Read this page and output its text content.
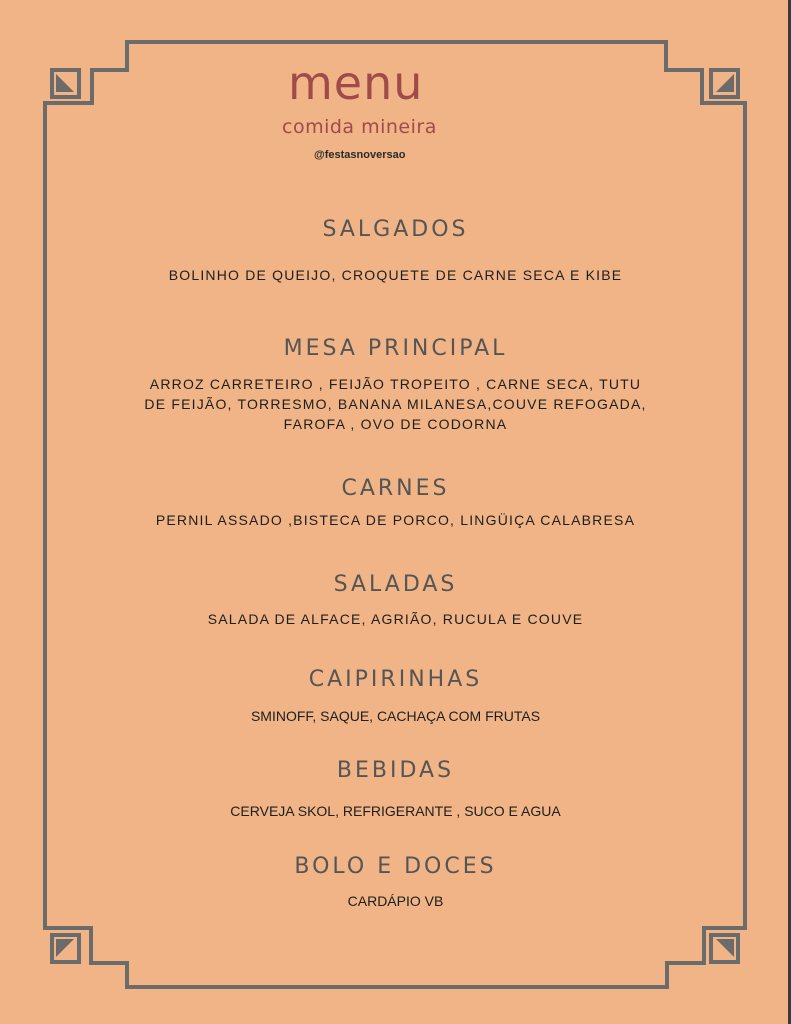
menu
comida mineira
@festasnoversao
SALGADOS
BOLINHO DE QUEIJO, CROQUETE DE CARNE SECA E KIBE
MESA PRINCIPAL
ARROZ CARRETEIRO , FEIJÃO TROPEITO , CARNE SECA, TUTU
DE FEIJÃO, TORRESMO, BANANA MILANESA,COUVE REFOGADA,
FAROFA , OVO DE CODORNA
CARNES
PERNIL ASSADO ,BISTECA DE PORCO, LINGÜIÇA CALABRESA
SALADAS
SALADA DE ALFACE, AGRIÃO, RUCULA E COUVE
CAIPIRINHAS
SMINOFF, SAQUE, CACHAÇA COM FRUTAS
BEBIDAS
CERVEJA SKOL, REFRIGERANTE , SUCO E AGUA
BOLO E DOCES
CARDÁPIO VB
